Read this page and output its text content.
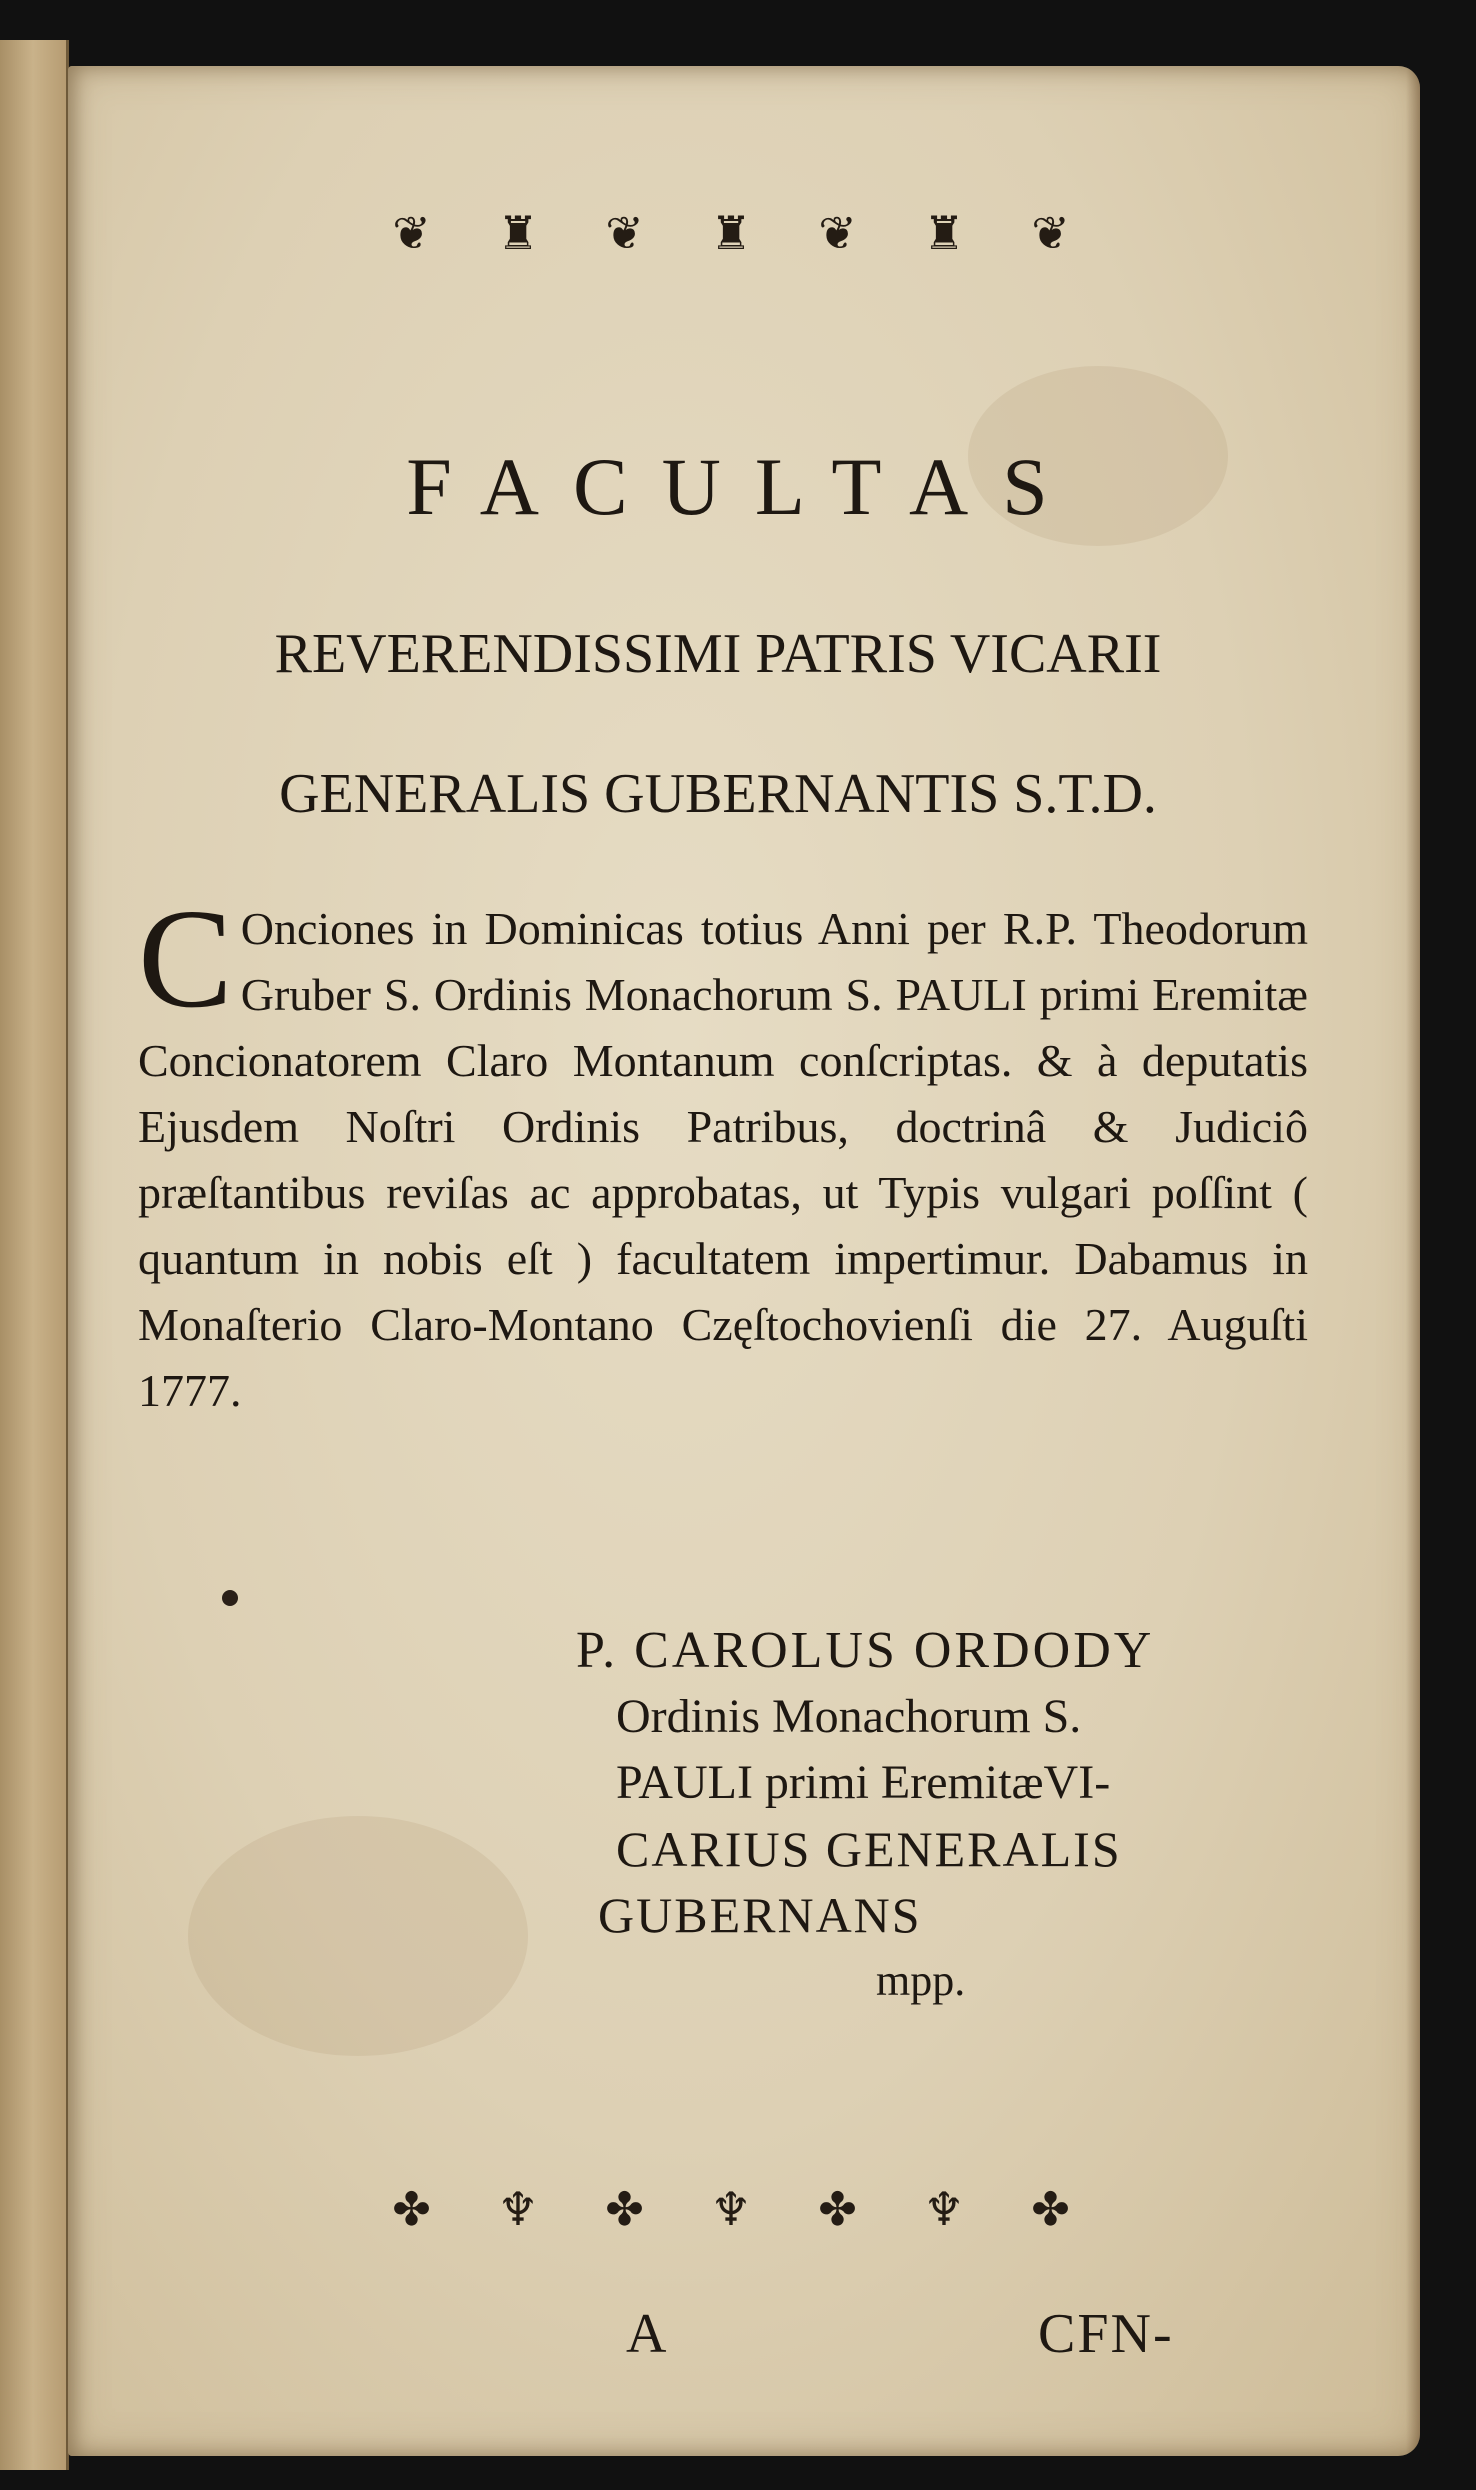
❦ ♜ ❦ ♜ ❦ ♜ ❦
FACULTAS
REVERENDISSIMI PATRIS VICARII
GENERALIS GUBERNANTIS S.T.D.
C Onciones in Dominicas totius Anni per R.P. Theodorum Gruber S. Ordinis Monachorum S. PAULI primi Eremitæ Concionatorem Claro Montanum conſcriptas. & à deputatis Ejusdem Noſtri Ordinis Patribus, doctrinâ & Judiciô præſtantibus reviſas ac approbatas, ut Typis vulgari poſſint ( quantum in nobis eſt ) facultatem impertimur. Dabamus in Monaſterio Claro-Montano Częſtochovienſi die 27. Auguſti 1777.
P. CAROLUS ORDODY
Ordinis Monachorum S.
PAULI primi EremitæVI-
CARIUS GENERALIS
GUBERNANS
mpp.
✤ ♆ ✤ ♆ ✤ ♆ ✤
A	CFN-
